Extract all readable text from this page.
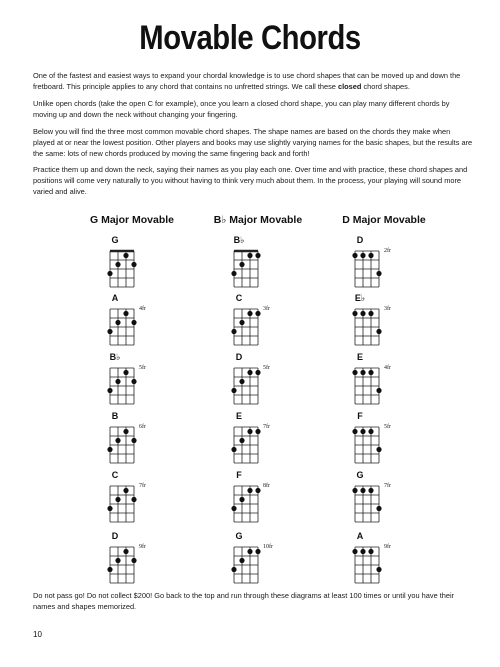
Movable Chords

One of the fastest and easiest ways to expand your chordal knowledge is to use chord shapes that can be moved up and down the fretboard. This principle applies to any chord that contains no unfretted strings. We call these closed chord shapes.

Unlike open chords (take the open C for example), once you learn a closed chord shape, you can play many different chords by moving up and down the neck without changing your fingering.

Below you will find the three most common movable chord shapes. The shape names are based on the chords they make when played at or near the lowest position. Other players and books may use slightly varying names for the basic shapes, but the results are the same: lots of new chords produced by moving the same fingering back and forth!

Practice them up and down the neck, saying their names as you play each one. Over time and with practice, these chord shapes and positions will come very naturally to you without having to think very much about them. In the process, your playing will sound more varied and alive.

G Major Movable	B♭ Major Movable	D Major Movable
G
A
4fr
B♭
5fr
B
6fr
C
7fr
D
9fr
B♭
C
3fr
D
5fr
E
7fr
F
8fr
G
10fr
D
2fr
E♭
3fr
E
4fr
F
5fr
G
7fr
A
9fr

Do not pass go! Do not collect $200! Go back to the top and run through these diagrams at least 100 times or until you have their names and shapes memorized.

10
